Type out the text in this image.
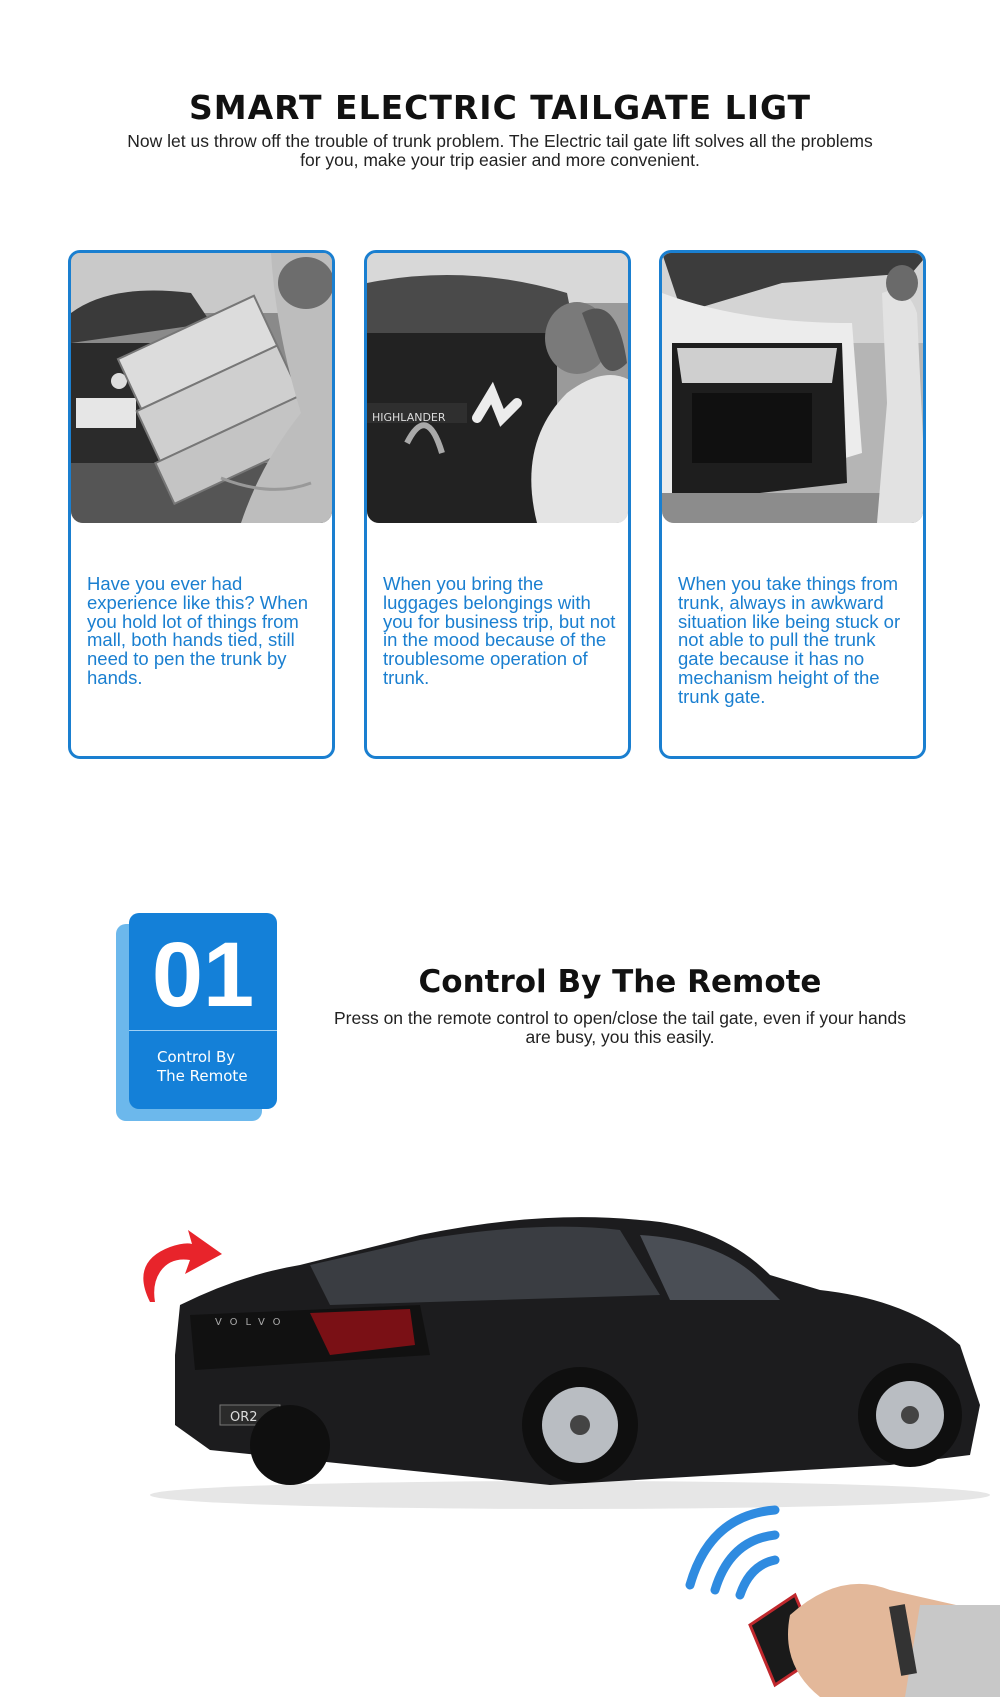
SMART ELECTRIC TAILGATE LIGT

Now let us throw off the trouble of trunk problem. The Electric tail gate lift solves all the problems for you, make your trip easier and more convenient.

Have you ever had experience like this? When you hold lot of things from mall, both hands tied, still need to pen the trunk by hands.

HIGHLANDER

When you bring the luggages belongings with you for business trip, but not in the mood because of the troublesome operation of trunk.

When you take things from trunk, always in awkward situation like being stuck or not able to pull the trunk gate because it has no mechanism height of the trunk gate.

01
Control By The Remote
Control By The Remote

Press on the remote control to open/close the tail gate, even if your hands are busy, you this easily.

OR2
VOLVO
